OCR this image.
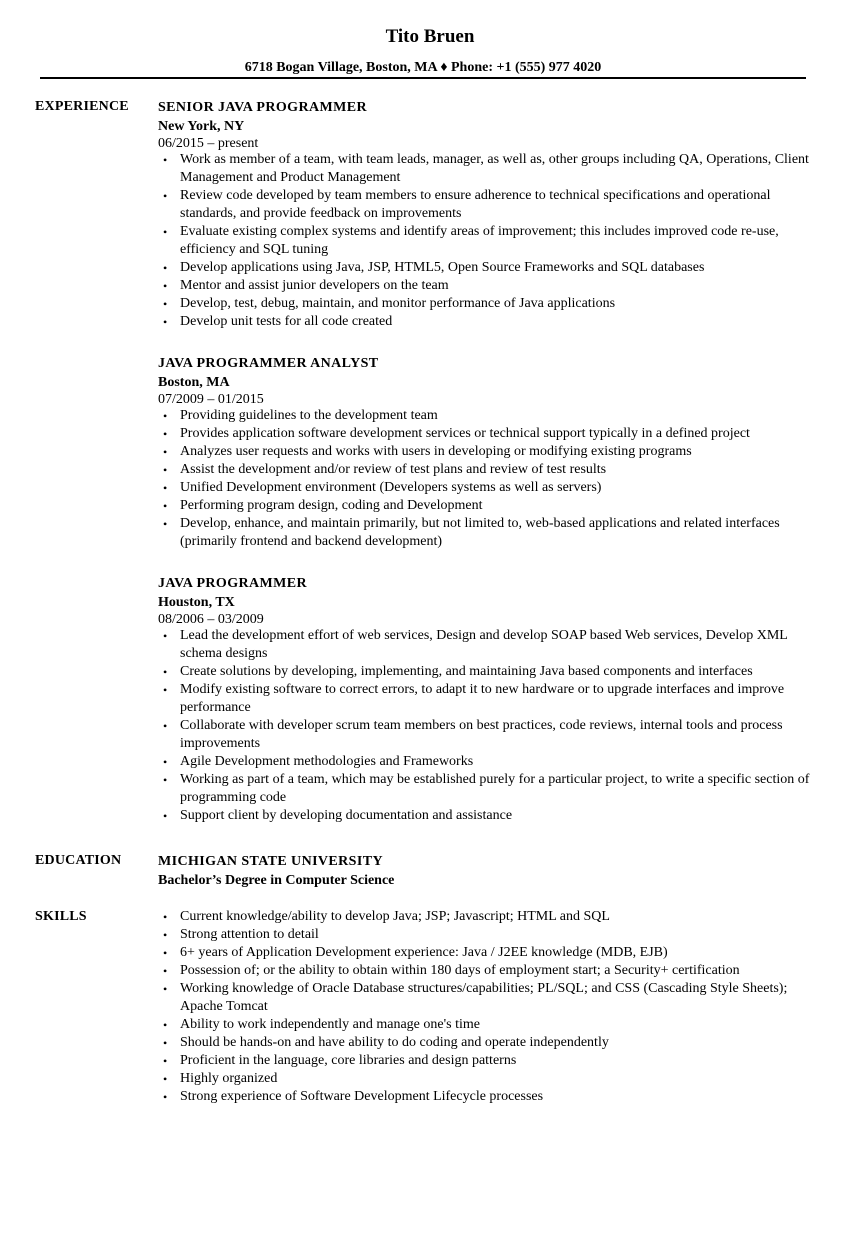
Tito Bruen
6718 Bogan Village, Boston, MA ♦ Phone: +1 (555) 977 4020
EXPERIENCE SENIOR JAVA PROGRAMMER
New York, NY
06/2015 – present
• Work as member of a team, with team leads, manager, as well as, other groups including QA, Operations, Client Management and Product Management
• Review code developed by team members to ensure adherence to technical specifications and operational standards, and provide feedback on improvements
• Evaluate existing complex systems and identify areas of improvement; this includes improved code re-use, efficiency and SQL tuning
• Develop applications using Java, JSP, HTML5, Open Source Frameworks and SQL databases
• Mentor and assist junior developers on the team
• Develop, test, debug, maintain, and monitor performance of Java applications
• Develop unit tests for all code created
JAVA PROGRAMMER ANALYST
Boston, MA
07/2009 – 01/2015
• Providing guidelines to the development team
• Provides application software development services or technical support typically in a defined project
• Analyzes user requests and works with users in developing or modifying existing programs
• Assist the development and/or review of test plans and review of test results
• Unified Development environment (Developers systems as well as servers)
• Performing program design, coding and Development
• Develop, enhance, and maintain primarily, but not limited to, web-based applications and related interfaces (primarily frontend and backend development)
JAVA PROGRAMMER
Houston, TX
08/2006 – 03/2009
• Lead the development effort of web services, Design and develop SOAP based Web services, Develop XML schema designs
• Create solutions by developing, implementing, and maintaining Java based components and interfaces
• Modify existing software to correct errors, to adapt it to new hardware or to upgrade interfaces and improve performance
• Collaborate with developer scrum team members on best practices, code reviews, internal tools and process improvements
• Agile Development methodologies and Frameworks
• Working as part of a team, which may be established purely for a particular project, to write a specific section of programming code
• Support client by developing documentation and assistance
EDUCATION	MICHIGAN STATE UNIVERSITY
Bachelor’s Degree in Computer Science
SKILLS	• Current knowledge/ability to develop Java; JSP; Javascript; HTML and SQL
• Strong attention to detail
• 6+ years of Application Development experience: Java / J2EE knowledge (MDB, EJB)
• Possession of; or the ability to obtain within 180 days of employment start; a Security+ certification
• Working knowledge of Oracle Database structures/capabilities; PL/SQL; and CSS (Cascading Style Sheets); Apache Tomcat
• Ability to work independently and manage one's time
• Should be hands-on and have ability to do coding and operate independently
• Proficient in the language, core libraries and design patterns
• Highly organized
• Strong experience of Software Development Lifecycle processes
